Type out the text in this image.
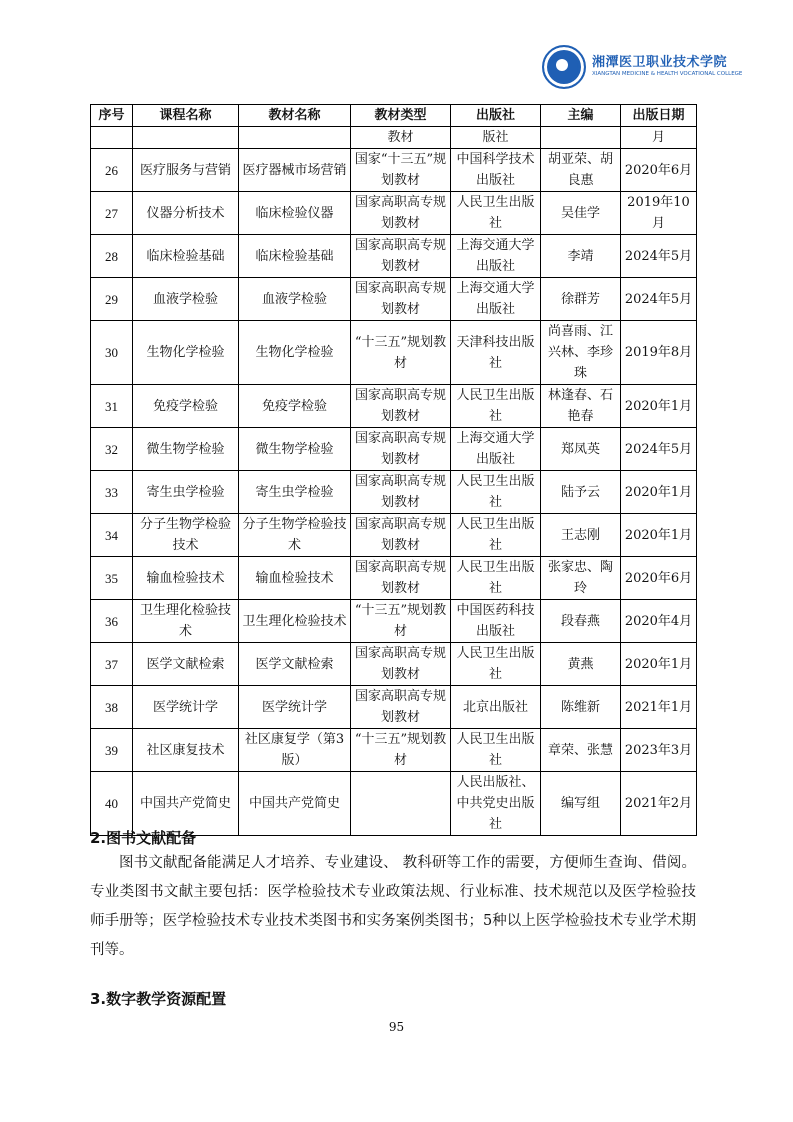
湘潭医卫职业技术学院
XIANGTAN MEDICINE & HEALTH VOCATIONAL COLLEGE
序号	课程名称	教材名称	教材类型	出版社	主编	出版日期
			教材	版社		月
26	医疗服务与营销	医疗器械市场营销	国家“十三五”规划教材	中国科学技术出版社	胡亚荣、胡良惠	2020年6月
27	仪器分析技术	临床检验仪器	国家高职高专规划教材	人民卫生出版社	吴佳学	2019年10月
28	临床检验基础	临床检验基础	国家高职高专规划教材	上海交通大学出版社	李靖	2024年5月
29	血液学检验	血液学检验	国家高职高专规划教材	上海交通大学出版社	徐群芳	2024年5月
30	生物化学检验	生物化学检验	“十三五”规划教材	天津科技出版社	尚喜雨、江兴林、李珍珠	2019年8月
31	免疫学检验	免疫学检验	国家高职高专规划教材	人民卫生出版社	林逢春、石艳春	2020年1月
32	微生物学检验	微生物学检验	国家高职高专规划教材	上海交通大学出版社	郑凤英	2024年5月
33	寄生虫学检验	寄生虫学检验	国家高职高专规划教材	人民卫生出版社	陆予云	2020年1月
34	分子生物学检验技术	分子生物学检验技术	国家高职高专规划教材	人民卫生出版社	王志刚	2020年1月
35	输血检验技术	输血检验技术	国家高职高专规划教材	人民卫生出版社	张家忠、陶玲	2020年6月
36	卫生理化检验技术	卫生理化检验技术	“十三五”规划教材	中国医药科技出版社	段春燕	2020年4月
37	医学文献检索	医学文献检索	国家高职高专规划教材	人民卫生出版社	黄燕	2020年1月
38	医学统计学	医学统计学	国家高职高专规划教材	北京出版社	陈维新	2021年1月
39	社区康复技术	社区康复学（第3版）	“十三五”规划教材	人民卫生出版社	章荣、张慧	2023年3月
40	中国共产党简史	中国共产党简史		人民出版社、中共党史出版社	编写组	2021年2月
2.图书文献配备
图书文献配备能满足人才培养、专业建设、 教科研等工作的需要，方便师生查询、借阅。 专业类图书文献主要包括：医学检验技术专业政策法规、行业标准、技术规范以及医学检验技师手册等；医学检验技术专业技术类图书和实务案例类图书；5种以上医学检验技术专业学术期刊等。
3.数字教学资源配置
95
